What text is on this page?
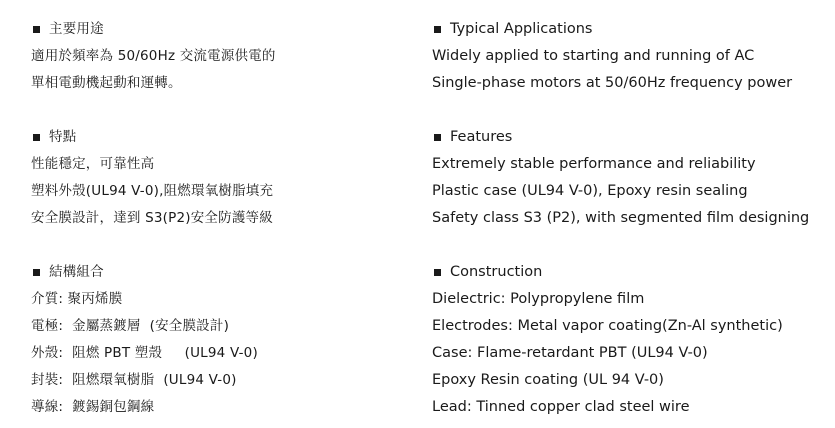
主要用途
適用於頻率為 50/60Hz 交流電源供電的
單相電動機起動和運轉。
特點
性能穩定，可靠性高
塑料外殼(UL94 V-0),阻燃環氧樹脂填充
安全膜設計，達到 S3(P2)安全防護等級
結構組合
介質: 聚丙烯膜
電極:  金屬蒸鍍層  (安全膜設計)
外殼:  阻燃 PBT 塑殼     (UL94 V-0)
封裝:  阻燃環氧樹脂  (UL94 V-0)
導線:  鍍錫銅包鋼線
Typical Applications
Widely applied to starting and running of AC
Single-phase motors at 50/60Hz frequency power
Features
Extremely stable performance and reliability
Plastic case (UL94 V-0), Epoxy resin sealing
Safety class S3 (P2), with segmented film designing
Construction
Dielectric: Polypropylene film
Electrodes: Metal vapor coating(Zn-Al synthetic)
Case: Flame-retardant PBT (UL94 V-0)
Epoxy Resin coating (UL 94 V-0)
Lead: Tinned copper clad steel wire
